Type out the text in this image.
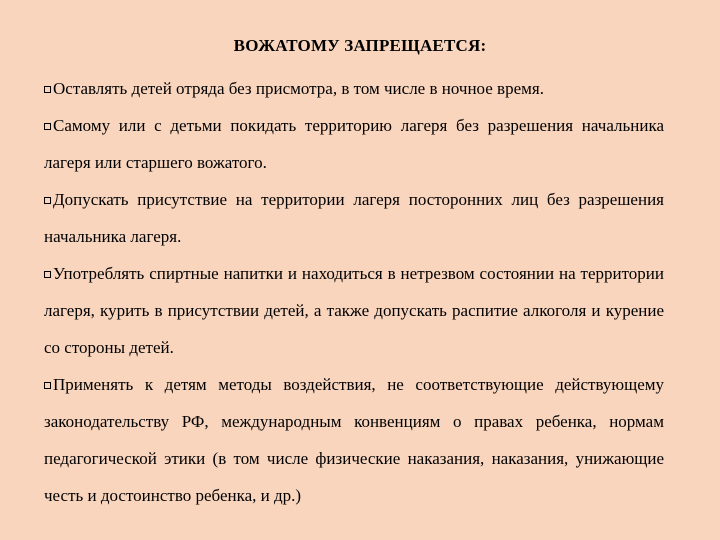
ВОЖАТОМУ ЗАПРЕЩАЕТСЯ:
Оставлять детей отряда без присмотра, в том числе в ночное время.
Самому или с детьми покидать территорию лагеря без разрешения начальника лагеря или старшего вожатого.
Допускать присутствие на территории лагеря посторонних лиц без разрешения начальника лагеря.
Употреблять спиртные напитки и находиться в нетрезвом состоянии на территории лагеря, курить в присутствии детей, а также допускать распитие алкоголя и курение со стороны детей.
Применять к детям методы воздействия, не соответствующие действующему законодательству РФ, международным конвенциям о правах ребенка, нормам педагогической этики (в том числе физические наказания, наказания, унижающие честь и достоинство ребенка, и др.)
